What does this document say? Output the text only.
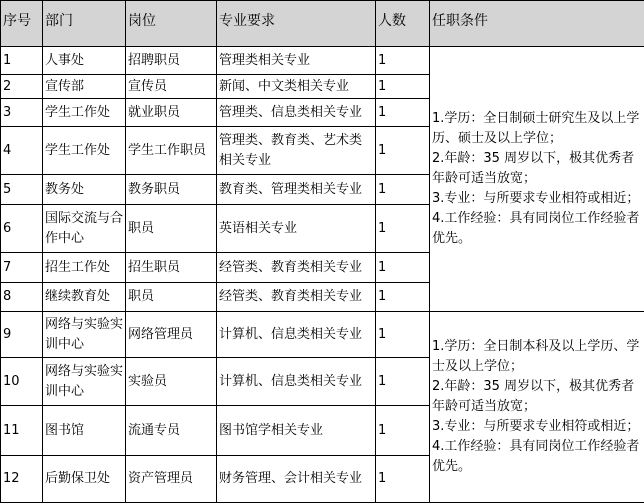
序号	部门	岗位	专业要求	人数	任职条件
1	人事处	招聘职员	管理类相关专业	1	1.学历：全日制硕士研究生及以上学历、硕士及以上学位；
2.年龄：35 周岁以下，极其优秀者年龄可适当放宽；
3.专业：与所要求专业相符或相近；
4.工作经验：具有同岗位工作经验者优先。

2	宣传部	宣传员	新闻、中文类相关专业	1	
3	学生工作处	就业职员	管理类、信息类相关专业	1	
4	学生工作处	学生工作职员	管理类、教育类、艺术类相关专业	1	
5	教务处	教务职员	教育类、管理类相关专业	1	
6	国际交流与合作中心	职员	英语相关专业	1	
7	招生工作处	招生职员	经管类、教育类相关专业	1	
8	继续教育处	职员	经管类、教育类相关专业	1	
9	网络与实验实训中心	网络管理员	计算机、信息类相关专业	1	1.学历：全日制本科及以上学历、学士及以上学位；
2.年龄：35 周岁以下，极其优秀者年龄可适当放宽；
3.专业：与所要求专业相符或相近；
4.工作经验：具有同岗位工作经验者优先。

10	网络与实验实训中心	实验员	计算机、信息类相关专业	1	
11	图书馆	流通专员	图书馆学相关专业	1	
12	后勤保卫处	资产管理员	财务管理、会计相关专业	1	
